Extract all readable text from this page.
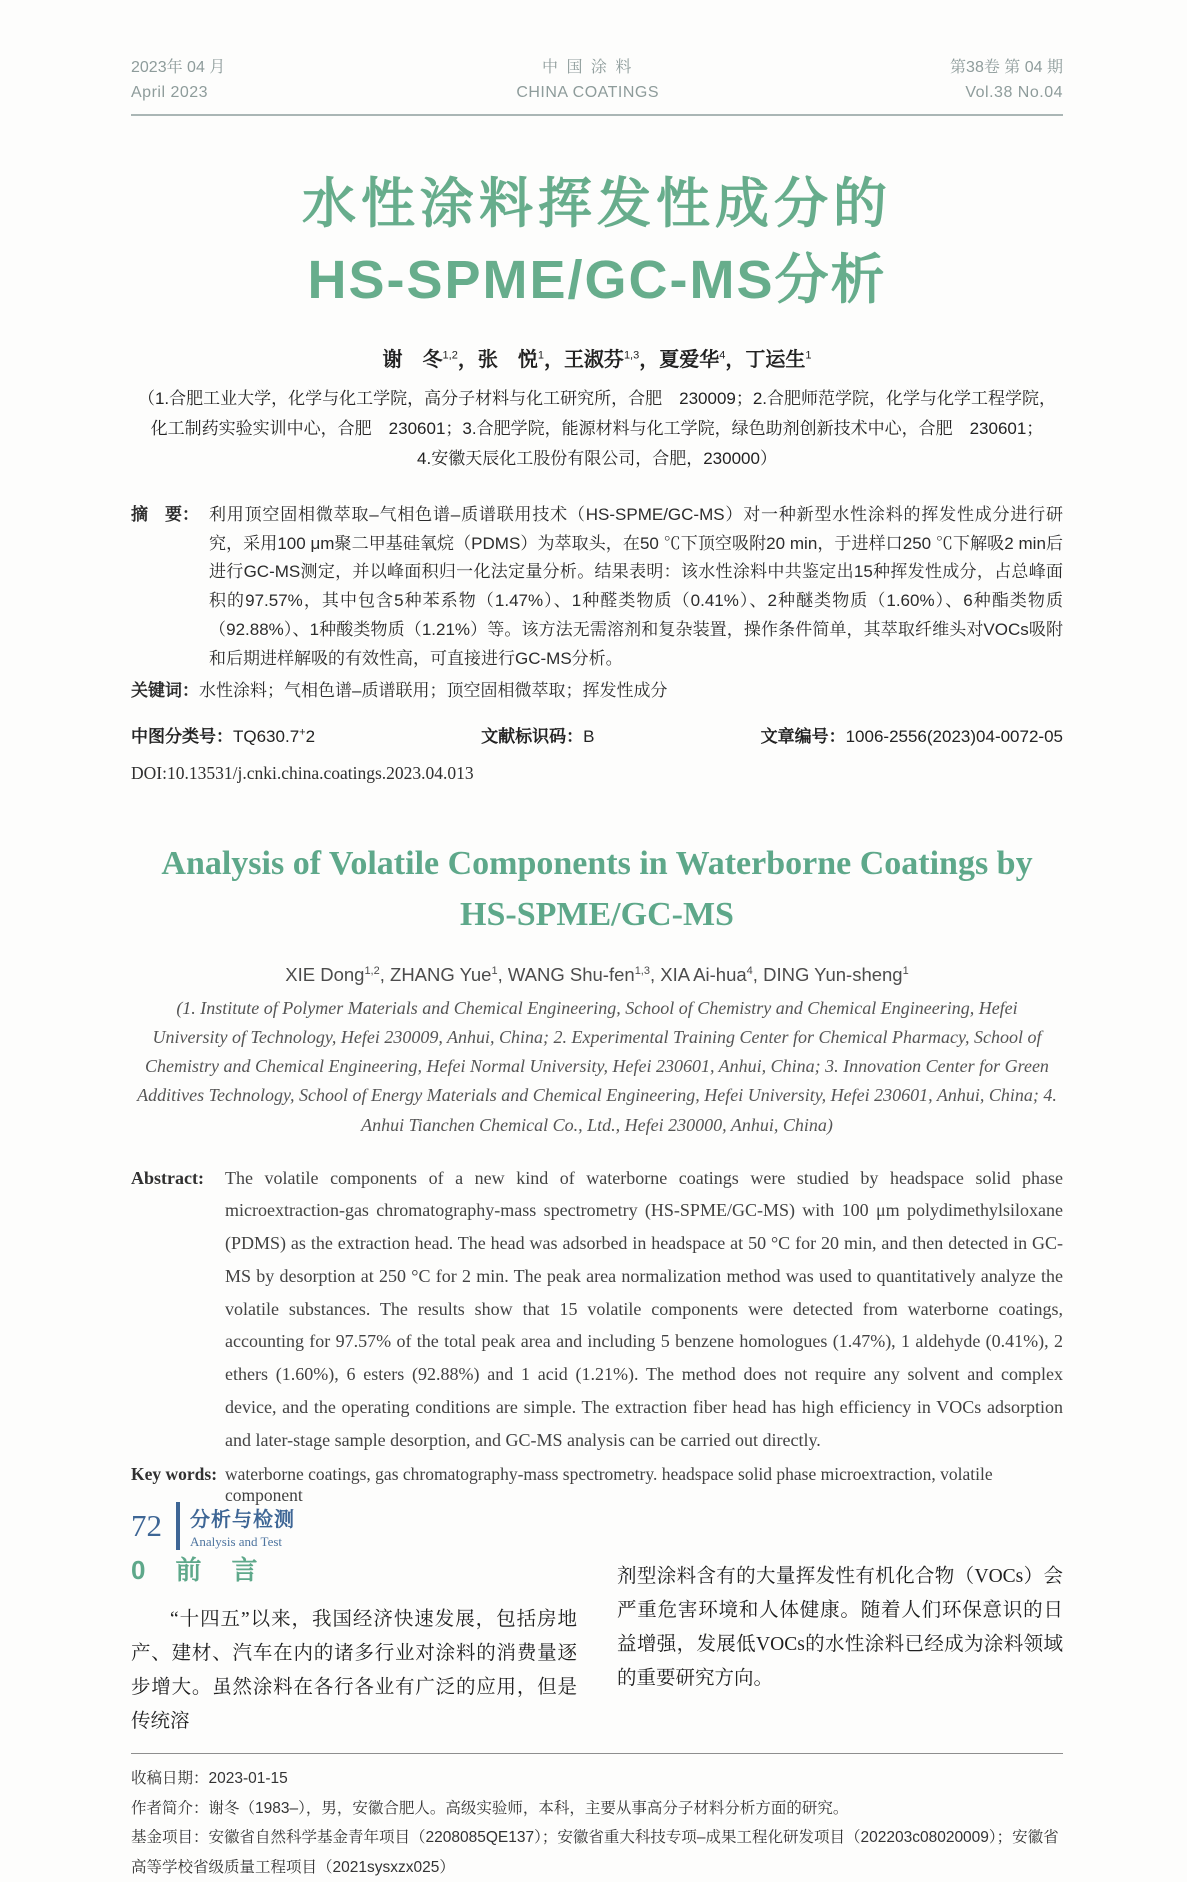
2023年 04 月
April 2023
中 国 涂 料
CHINA COATINGS
第38卷 第 04 期
Vol.38 No.04
水性涂料挥发性成分的
HS-SPME/GC-MS分析
谢　冬$^{1,2}$，张　悦$^1$，王淑芬$^{1,3}$，夏爱华$^4$，丁运生$^1$
（1.合肥工业大学，化学与化工学院，高分子材料与化工研究所，合肥　230009；2.合肥师范学院，化学与化学工程学院，
化工制药实验实训中心，合肥　230601；3.合肥学院，能源材料与化工学院，绿色助剂创新技术中心，合肥　230601；
4.安徽天辰化工股份有限公司，合肥，230000）
摘　要： 利用顶空固相微萃取–气相色谱–质谱联用技术（HS-SPME/GC-MS）对一种新型水性涂料的挥发性成分进行研究，采用100 μm聚二甲基硅氧烷（PDMS）为萃取头，在50 ℃下顶空吸附20 min，于进样口250 ℃下解吸2 min后进行GC-MS测定，并以峰面积归一化法定量分析。结果表明：该水性涂料中共鉴定出15种挥发性成分，占总峰面积的97.57%，其中包含5种苯系物（1.47%）、1种醛类物质（0.41%）、2种醚类物质（1.60%）、6种酯类物质（92.88%）、1种酸类物质（1.21%）等。该方法无需溶剂和复杂装置，操作条件简单，其萃取纤维头对VOCs吸附和后期进样解吸的有效性高，可直接进行GC-MS分析。

关键词： 水性涂料；气相色谱–质谱联用；顶空固相微萃取；挥发性成分

中图分类号：TQ630.7+2	文献标识码：B	文章编号：1006-2556(2023)04-0072-05
DOI:10.13531/j.cnki.china.coatings.2023.04.013
Analysis of Volatile Components in Waterborne Coatings by
HS-SPME/GC-MS
XIE Dong$^{1,2}$, ZHANG Yue$^1$, WANG Shu-fen$^{1,3}$, XIA Ai-hua$^4$, DING Yun-sheng$^1$
(1. Institute of Polymer Materials and Chemical Engineering, School of Chemistry and Chemical Engineering, Hefei University of Technology, Hefei 230009, Anhui, China; 2. Experimental Training Center for Chemical Pharmacy, School of Chemistry and Chemical Engineering, Hefei Normal University, Hefei 230601, Anhui, China; 3. Innovation Center for Green Additives Technology, School of Energy Materials and Chemical Engineering, Hefei University, Hefei 230601, Anhui, China; 4. Anhui Tianchen Chemical Co., Ltd., Hefei 230000, Anhui, China)
Abstract:	The volatile components of a new kind of waterborne coatings were studied by headspace solid phase microextraction-gas chromatography-mass spectrometry (HS-SPME/GC-MS) with 100 μm polydimethylsiloxane (PDMS) as the extraction head. The head was adsorbed in headspace at 50 °C for 20 min, and then detected in GC-MS by desorption at 250 °C for 2 min. The peak area normalization method was used to quantitatively analyze the volatile substances. The results show that 15 volatile components were detected from waterborne coatings, accounting for 97.57% of the total peak area and including 5 benzene homologues (1.47%), 1 aldehyde (0.41%), 2 ethers (1.60%), 6 esters (92.88%) and 1 acid (1.21%). The method does not require any solvent and complex device, and the operating conditions are simple. The extraction fiber head has high efficiency in VOCs adsorption and later-stage sample desorption, and GC-MS analysis can be carried out directly.

Key words: waterborne coatings, gas chromatography-mass spectrometry. headspace solid phase microextraction, volatile component

0　前　言

“十四五”以来，我国经济快速发展，包括房地产、建材、汽车在内的诸多行业对涂料的消费量逐步增大。虽然涂料在各行各业有广泛的应用，但是传统溶

剂型涂料含有的大量挥发性有机化合物（VOCs）会严重危害环境和人体健康。随着人们环保意识的日益增强，发展低VOCs的水性涂料已经成为涂料领域的重要研究方向。

收稿日期：2023-01-15

作者简介：谢冬（1983–），男，安徽合肥人。高级实验师，本科，主要从事高分子材料分析方面的研究。

基金项目：安徽省自然科学基金青年项目（2208085QE137）；安徽省重大科技专项–成果工程化研发项目（202203c08020009）；安徽省高等学校省级质量工程项目（2021sysxzx025）

72 分析与检测
Analysis and Test
